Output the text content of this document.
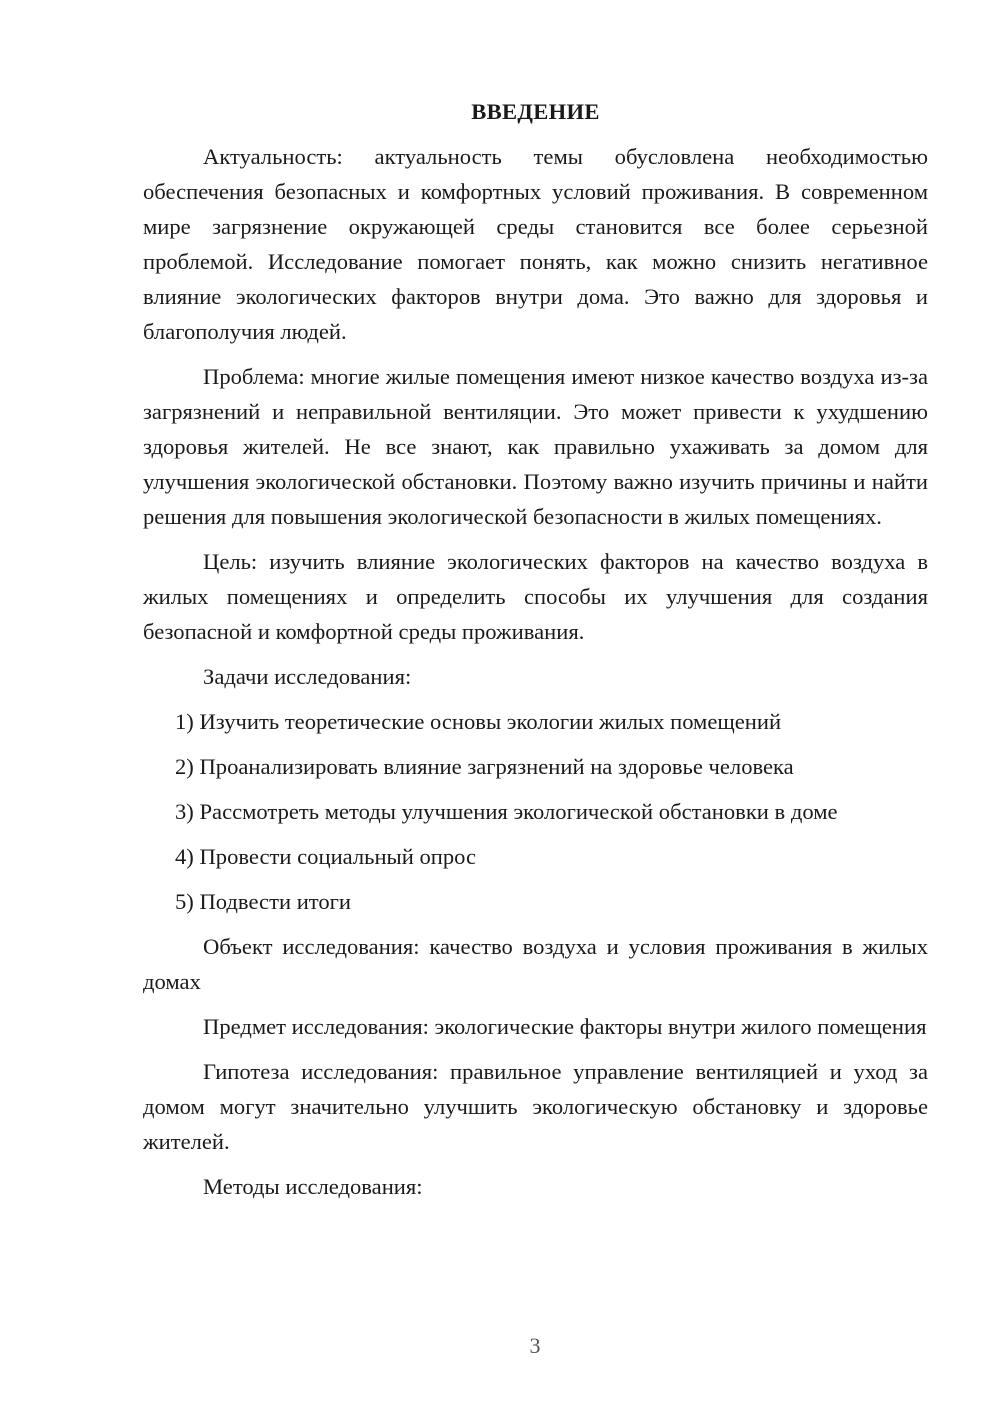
ВВЕДЕНИЕ

Актуальность: актуальность темы обусловлена необходимостью обеспечения безопасных и комфортных условий проживания. В современном мире загрязнение окружающей среды становится все более серьезной проблемой. Исследование помогает понять, как можно снизить негативное влияние экологических факторов внутри дома. Это важно для здоровья и благополучия людей.

Проблема: многие жилые помещения имеют низкое качество воздуха из-за загрязнений и неправильной вентиляции. Это может привести к ухудшению здоровья жителей. Не все знают, как правильно ухаживать за домом для улучшения экологической обстановки. Поэтому важно изучить причины и найти решения для повышения экологической безопасности в жилых помещениях.

Цель: изучить влияние экологических факторов на качество воздуха в жилых помещениях и определить способы их улучшения для создания безопасной и комфортной среды проживания.

Задачи исследования:

1) Изучить теоретические основы экологии жилых помещений

2) Проанализировать влияние загрязнений на здоровье человека

3) Рассмотреть методы улучшения экологической обстановки в доме

4) Провести социальный опрос

5) Подвести итоги

Объект исследования: качество воздуха и условия проживания в жилых домах

Предмет исследования: экологические факторы внутри жилого помещения

Гипотеза исследования: правильное управление вентиляцией и уход за домом могут значительно улучшить экологическую обстановку и здоровье жителей.

Методы исследования:

3
